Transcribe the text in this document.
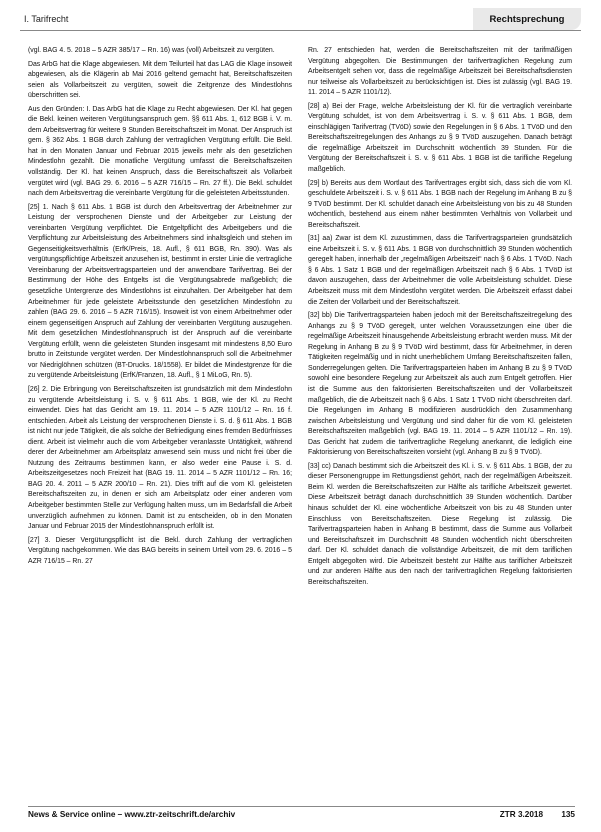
I. Tarifrecht	Rechtsprechung

(vgl. BAG 4. 5. 2018 – 5 AZR 385/17 – Rn. 16) was (voll) Arbeitszeit zu vergüten.

Das ArbG hat die Klage abgewiesen. Mit dem Teilurteil hat das LAG die Klage insoweit abgewiesen, als die Klägerin ab Mai 2016 geltend gemacht hat, Bereitschaftszeiten seien als Vollarbeitszeit zu vergüten, soweit die Zeitgrenze des Mindestlohns überschritten sei.

Aus den Gründen: I. Das ArbG hat die Klage zu Recht abgewiesen. Der Kl. hat gegen die Bekl. keinen weiteren Vergütungsanspruch gem. §§ 611 Abs. 1, 612 BGB i. V. m. dem Arbeitsvertrag für weitere 9 Stunden Bereitschaftszeit im Monat. Der Anspruch ist gem. § 362 Abs. 1 BGB durch Zahlung der vertraglichen Vergütung erfüllt. Die Bekl. hat in den Monaten Januar und Februar 2015 jeweils mehr als den gesetzlichen Mindestlohn gezahlt. Die monatliche Vergütung umfasst die Bereitschaftszeiten vollständig. Der Kl. hat keinen Anspruch, dass die Bereitschaftszeit als Vollarbeit vergütet wird (vgl. BAG 29. 6. 2016 – 5 AZR 716/15 – Rn. 27 ff.). Die Bekl. schuldet nach dem Arbeitsvertrag die vereinbarte Vergütung für die geleisteten Arbeitsstunden.

[25] 1. Nach § 611 Abs. 1 BGB ist durch den Arbeitsvertrag der Arbeitnehmer zur Leistung der versprochenen Dienste und der Arbeitgeber zur Leistung der vereinbarten Vergütung verpflichtet. Die Entgeltpflicht des Arbeitgebers und die Verpflichtung zur Arbeitsleistung des Arbeitnehmers sind inhaltsgleich und stehen im Gegenseitigkeitsverhältnis (ErfK/Preis, 18. Aufl., § 611 BGB, Rn. 390). Was als vergütungspflichtige Arbeitszeit anzusehen ist, bestimmt in erster Linie die vertragliche Vereinbarung der Arbeitsvertragsparteien und der anwendbare Tarifvertrag. Bei der Bestimmung der Höhe des Entgelts ist die Vergütungsabrede maßgeblich; die gesetzliche Untergrenze des Mindestlohns ist einzuhalten. Der Arbeitgeber hat dem Arbeitnehmer für jede geleistete Arbeitsstunde den gesetzlichen Mindestlohn zu zahlen (BAG 29. 6. 2016 – 5 AZR 716/15). Insoweit ist von einem Arbeitnehmer oder einem gegenseitigen Anspruch auf Zahlung der vereinbarten Vergütung auszugehen. Mit dem gesetzlichen Mindestlohnanspruch ist der Anspruch auf die vereinbarte Vergütung erfüllt, wenn die geleisteten Stunden insgesamt mit mindestens 8,50 Euro brutto in Zeitstunde vergütet werden. Der Mindestlohnanspruch soll die Arbeitnehmer vor Niedriglöhnen schützen (BT-Drucks. 18/1558). Er bildet die Mindestgrenze für die zu vergütende Arbeitsleistung (ErfK/Franzen, 18. Aufl., § 1 MiLoG, Rn. 5).

[26] 2. Die Erbringung von Bereitschaftszeiten ist grundsätzlich mit dem Mindestlohn zu vergütende Arbeitsleistung i. S. v. § 611 Abs. 1 BGB, wie der Kl. zu Recht einwendet. Dies hat das Gericht am 19. 11. 2014 – 5 AZR 1101/12 – Rn. 16 f. entschieden. Arbeit als Leistung der versprochenen Dienste i. S. d. § 611 Abs. 1 BGB ist nicht nur jede Tätigkeit, die als solche der Befriedigung eines fremden Bedürfnisses dient. Arbeit ist vielmehr auch die vom Arbeitgeber veranlasste Untätigkeit, während derer der Arbeitnehmer am Arbeitsplatz anwesend sein muss und nicht frei über die Nutzung des Zeitraums bestimmen kann, er also weder eine Pause i. S. d. Arbeitszeitgesetzes noch Freizeit hat (BAG 19. 11. 2014 – 5 AZR 1101/12 – Rn. 16; BAG 20. 4. 2011 – 5 AZR 200/10 – Rn. 21). Dies trifft auf die vom Kl. geleisteten Bereitschaftszeiten zu, in denen er sich am Arbeitsplatz oder einer anderen vom Arbeitgeber bestimmten Stelle zur Verfügung halten muss, um im Bedarfsfall die Arbeit unverzüglich aufnehmen zu können. Damit ist zu entscheiden, ob in den Monaten Januar und Februar 2015 der Mindestlohnanspruch erfüllt ist.

[27] 3. Dieser Vergütungspflicht ist die Bekl. durch Zahlung der vertraglichen Vergütung nachgekommen. Wie das BAG bereits in seinem Urteil vom 29. 6. 2016 – 5 AZR 716/15 – Rn. 27

Rn. 27 entschieden hat, werden die Bereitschaftszeiten mit der tarifmäßigen Vergütung abgegolten. Die Bestimmungen der tarifvertraglichen Regelung zum Arbeitsentgelt sehen vor, dass die regelmäßige Arbeitszeit bei Bereitschaftsdiensten nur teilweise als Vollarbeitszeit zu berücksichtigen ist. Dies ist zulässig (vgl. BAG 19. 11. 2014 – 5 AZR 1101/12).

[28] a) Bei der Frage, welche Arbeitsleistung der Kl. für die vertraglich vereinbarte Vergütung schuldet, ist von dem Arbeitsvertrag i. S. v. § 611 Abs. 1 BGB, dem einschlägigen Tarifvertrag (TVöD) sowie den Regelungen in § 6 Abs. 1 TVöD und den Bereitschaftszeitregelungen des Anhangs zu § 9 TVöD auszugehen. Danach beträgt die regelmäßige Arbeitszeit im Durchschnitt wöchentlich 39 Stunden. Für die Vergütung der Bereitschaftszeit i. S. v. § 611 Abs. 1 BGB ist die tarifliche Regelung maßgeblich.

[29] b) Bereits aus dem Wortlaut des Tarifvertrages ergibt sich, dass sich die vom Kl. geschuldete Arbeitszeit i. S. v. § 611 Abs. 1 BGB nach der Regelung im Anhang B zu § 9 TVöD bestimmt. Der Kl. schuldet danach eine Arbeitsleistung von bis zu 48 Stunden wöchentlich, bestehend aus einem näher bestimmten Verhältnis von Vollarbeit und Bereitschaftszeit.

[31] aa) Zwar ist dem Kl. zuzustimmen, dass die Tarifvertragsparteien grundsätzlich eine Arbeitszeit i. S. v. § 611 Abs. 1 BGB von durchschnittlich 39 Stunden wöchentlich geregelt haben, innerhalb der „regelmäßigen Arbeitszeit“ nach § 6 Abs. 1 TVöD. Nach § 6 Abs. 1 Satz 1 BGB und der regelmäßigen Arbeitszeit nach § 6 Abs. 1 TVöD ist davon auszugehen, dass der Arbeitnehmer die volle Arbeitsleistung schuldet. Diese Arbeitszeit muss mit dem Mindestlohn vergütet werden. Die Arbeitszeit erfasst dabei die Zeiten der Vollarbeit und der Bereitschaftszeit.

[32] bb) Die Tarifvertragsparteien haben jedoch mit der Bereitschaftszeitregelung des Anhangs zu § 9 TVöD geregelt, unter welchen Voraussetzungen eine über die regelmäßige Arbeitszeit hinausgehende Arbeitsleistung erbracht werden muss. Mit der Regelung in Anhang B zu § 9 TVöD wird bestimmt, dass für Arbeitnehmer, in deren Tätigkeiten regelmäßig und in nicht unerheblichem Umfang Bereitschaftszeiten fallen, Sonderregelungen gelten. Die Tarifvertragsparteien haben im Anhang B zu § 9 TVöD sowohl eine besondere Regelung zur Arbeitszeit als auch zum Entgelt getroffen. Hier ist die Summe aus den faktorisierten Bereitschaftszeiten und der Vollarbeitszeit maßgeblich, die die Arbeitszeit nach § 6 Abs. 1 Satz 1 TVöD nicht überschreiten darf. Die Regelungen im Anhang B modifizieren ausdrücklich den Zusammenhang zwischen Arbeitsleistung und Vergütung und sind daher für die vom Kl. geleisteten Bereitschaftszeiten maßgeblich (vgl. BAG 19. 11. 2014 – 5 AZR 1101/12 – Rn. 19). Das Gericht hat zudem die tarifvertragliche Regelung anerkannt, die lediglich eine Faktorisierung von Bereitschaftszeiten vorsieht (vgl. Anhang B zu § 9 TVöD).

[33] cc) Danach bestimmt sich die Arbeitszeit des Kl. i. S. v. § 611 Abs. 1 BGB, der zu dieser Personengruppe im Rettungsdienst gehört, nach der regelmäßigen Arbeitszeit. Beim Kl. werden die Bereitschaftszeiten zur Hälfte als tarifliche Arbeitszeit gewertet. Diese Arbeitszeit beträgt danach durchschnittlich 39 Stunden wöchentlich. Darüber hinaus schuldet der Kl. eine wöchentliche Arbeitszeit von bis zu 48 Stunden unter Einschluss von Bereitschaftszeiten. Diese Regelung ist zulässig. Die Tarifvertragsparteien haben in Anhang B bestimmt, dass die Summe aus Vollarbeit und Bereitschaftszeit im Durchschnitt 48 Stunden wöchentlich nicht überschreiten darf. Der Kl. schuldet danach die vollständige Arbeitszeit, die mit dem tariflichen Entgelt abgegolten wird. Die Arbeitszeit besteht zur Hälfte aus tariflicher Arbeitszeit und zur anderen Hälfte aus den nach der tarifvertraglichen Regelung faktorisierten Bereitschaftszeiten.

News & Service online – www.ztr-zeitschrift.de/archiv	ZTR 3.2018 135
